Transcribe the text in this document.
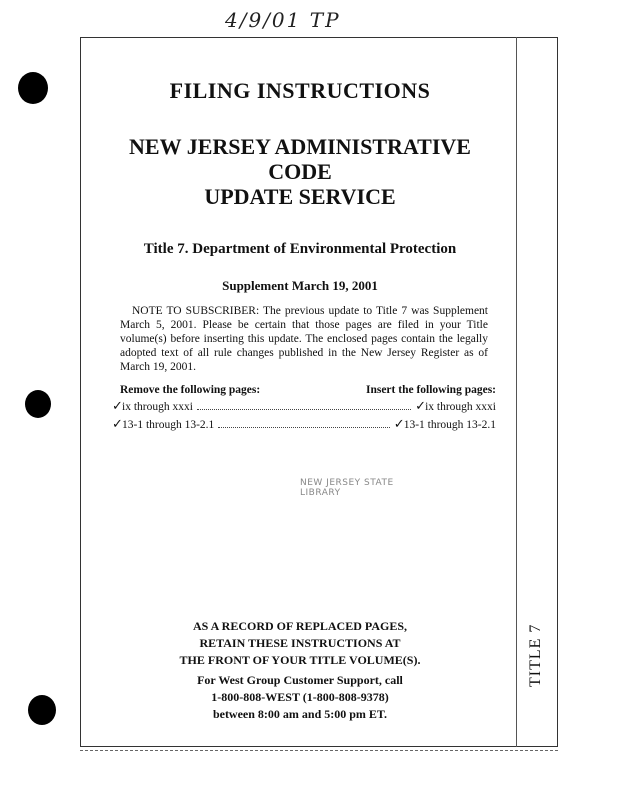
4/9/01 TP
TITLE 7
FILING INSTRUCTIONS
NEW JERSEY ADMINISTRATIVE CODE
UPDATE SERVICE
Title 7. Department of Environmental Protection
Supplement March 19, 2001
NOTE TO SUBSCRIBER: The previous update to Title 7 was Supplement March 5, 2001. Please be certain that those pages are filed in your Title volume(s) before inserting this update. The enclosed pages contain the legally adopted text of all rule changes published in the New Jersey Register as of March 19, 2001.
Remove the following pages:	Insert the following pages:
✓ ix through xxxi	✓ ix through xxxi
✓ 13-1 through 13-2.1	✓ 13-1 through 13-2.1
NEW JERSEY STATE LIBRARY
AS A RECORD OF REPLACED PAGES,
RETAIN THESE INSTRUCTIONS AT
THE FRONT OF YOUR TITLE VOLUME(S).
For West Group Customer Support, call
1-800-808-WEST (1-800-808-9378)
between 8:00 am and 5:00 pm ET.
